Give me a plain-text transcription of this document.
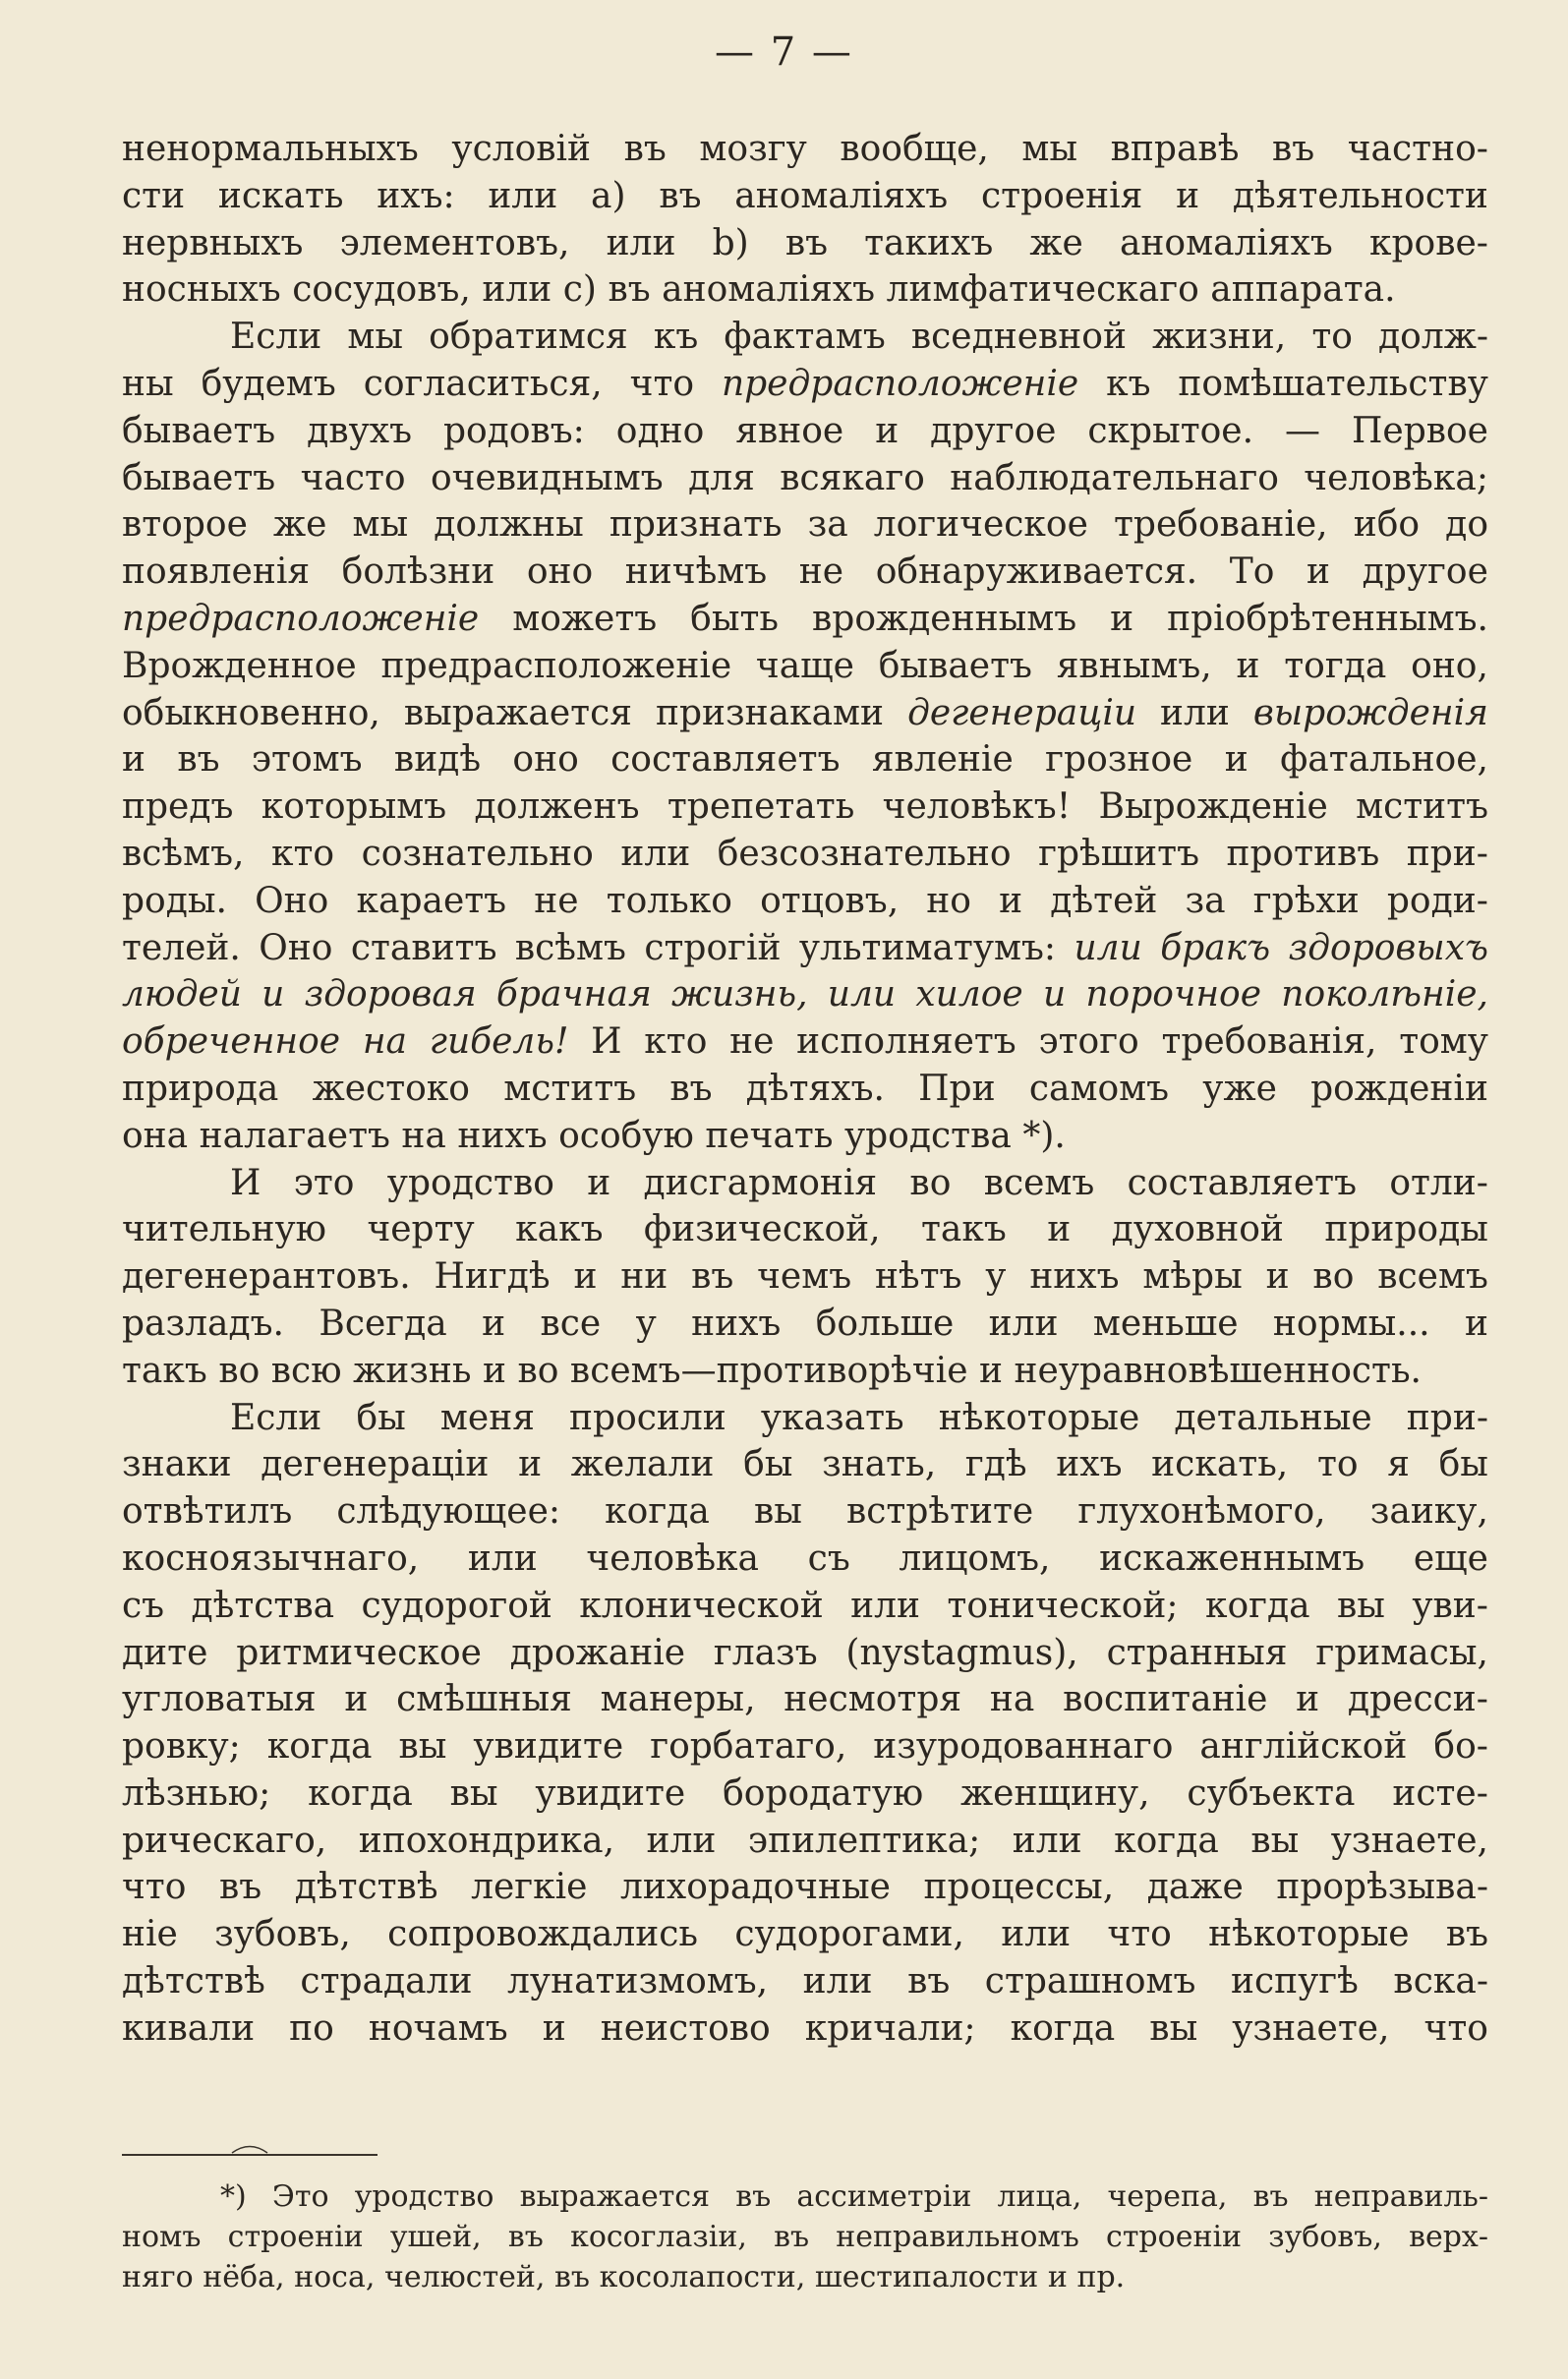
— 7 —
ненормальныхъ условій въ мозгу вообще, мы вправѣ въ частно-
сти искать ихъ: или а) въ аномаліяхъ строенія и дѣятельности
нервныхъ элементовъ, или b) въ такихъ же аномаліяхъ крове-
носныхъ сосудовъ, или с) въ аномаліяхъ лимфатическаго аппарата.
Если мы обратимся къ фактамъ вседневной жизни, то долж-
ны будемъ согласиться, что предрасположеніе къ помѣшательству
бываетъ двухъ родовъ: одно явное и другое скрытое. — Первое
бываетъ часто очевиднымъ для всякаго наблюдательнаго человѣка;
второе же мы должны признать за логическое требованіе, ибо до
появленія болѣзни оно ничѣмъ не обнаруживается. То и другое
предрасположеніе можетъ быть врожденнымъ и пріобрѣтеннымъ.
Врожденное предрасположеніе чаще бываетъ явнымъ, и тогда оно,
обыкновенно, выражается признаками дегенераціи или вырожденія
и въ этомъ видѣ оно составляетъ явленіе грозное и фатальное,
предъ которымъ долженъ трепетать человѣкъ! Вырожденіе мститъ
всѣмъ, кто сознательно или безсознательно грѣшитъ противъ при-
роды. Оно караетъ не только отцовъ, но и дѣтей за грѣхи роди-
телей. Оно ставитъ всѣмъ строгій ультиматумъ: или бракъ здоровыхъ
людей и здоровая брачная жизнь, или хилое и порочное поколѣніе,
обреченное на гибель! И кто не исполняетъ этого требованія, тому
природа жестоко мститъ въ дѣтяхъ. При самомъ уже рожденіи
она налагаетъ на нихъ особую печать уродства *).
И это уродство и дисгармонія во всемъ составляетъ отли-
чительную черту какъ физической, такъ и духовной природы
дегенерантовъ. Нигдѣ и ни въ чемъ нѣтъ у нихъ мѣры и во всемъ
разладъ. Всегда и все у нихъ больше или меньше нормы... и
такъ во всю жизнь и во всемъ—противорѣчіе и неуравновѣшенность.
Если бы меня просили указать нѣкоторые детальные при-
знаки дегенераціи и желали бы знать, гдѣ ихъ искать, то я бы
отвѣтилъ слѣдующее: когда вы встрѣтите глухонѣмого, заику,
косноязычнаго, или человѣка съ лицомъ, искаженнымъ еще
съ дѣтства судорогой клонической или тонической; когда вы уви-
дите ритмическое дрожаніе глазъ (nystagmus), странныя гримасы,
угловатыя и смѣшныя манеры, несмотря на воспитаніе и дресси-
ровку; когда вы увидите горбатаго, изуродованнаго англійской бо-
лѣзнью; когда вы увидите бородатую женщину, субъекта исте-
рическаго, ипохондрика, или эпилептика; или когда вы узнаете,
что въ дѣтствѣ легкіе лихорадочные процессы, даже прорѣзыва-
ніе зубовъ, сопровождались судорогами, или что нѣкоторые въ
дѣтствѣ страдали лунатизмомъ, или въ страшномъ испугѣ вска-
кивали по ночамъ и неистово кричали; когда вы узнаете, что
*) Это уродство выражается въ ассиметріи лица, черепа, въ неправиль-
номъ строеніи ушей, въ косоглазіи, въ неправильномъ строеніи зубовъ, верх-
няго нёба, носа, челюстей, въ косолапости, шестипалости и пр.
